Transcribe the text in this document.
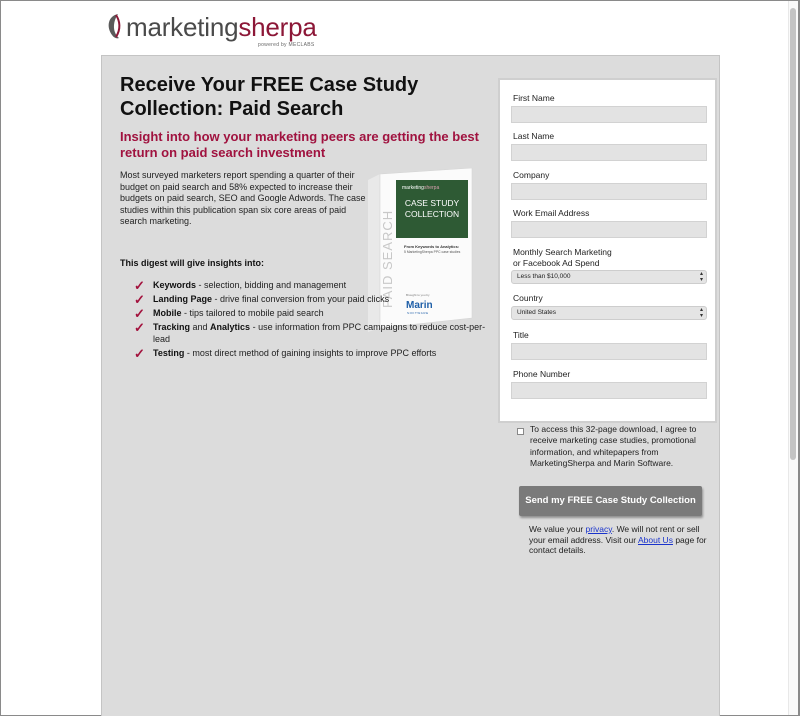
marketingsherpa
powered by MECLABS
Receive Your FREE Case Study Collection: Paid Search
Insight into how your marketing peers are getting the best return on paid search investment

Most surveyed marketers report spending a quarter of their budget on paid search and 58% expected to increase their budgets on paid search, SEO and Google Adwords. The case studies within this publication span six core areas of paid search marketing.

marketingsherpa
CASE STUDY
COLLECTION
From Keywords to Analytics:
5 MarketingSherpa PPC case studies
PAID SEARCH	Brought to you by
Marin
SOFTWARE
This digest will give insights into:
✓ Keywords - selection, bidding and management
✓ Landing Page - drive final conversion from your paid clicks
✓ Mobile - tips tailored to mobile paid search
✓ Tracking and Analytics - use information from PPC campaigns to reduce cost-per-lead
✓ Testing - most direct method of gaining insights to improve PPC efforts
First Name
Last Name
Company
Work Email Address
Monthly Search Marketing
or Facebook Ad Spend
Less than $10,000	▴
▾
Country
United States	▴
▾
Title
Phone Number
To access this 32-page download, I agree to receive marketing case studies, promotional information, and whitepapers from MarketingSherpa and Marin Software.
Send my FREE Case Study Collection
We value your privacy. We will not rent or sell your email address. Visit our About Us page for contact details.
